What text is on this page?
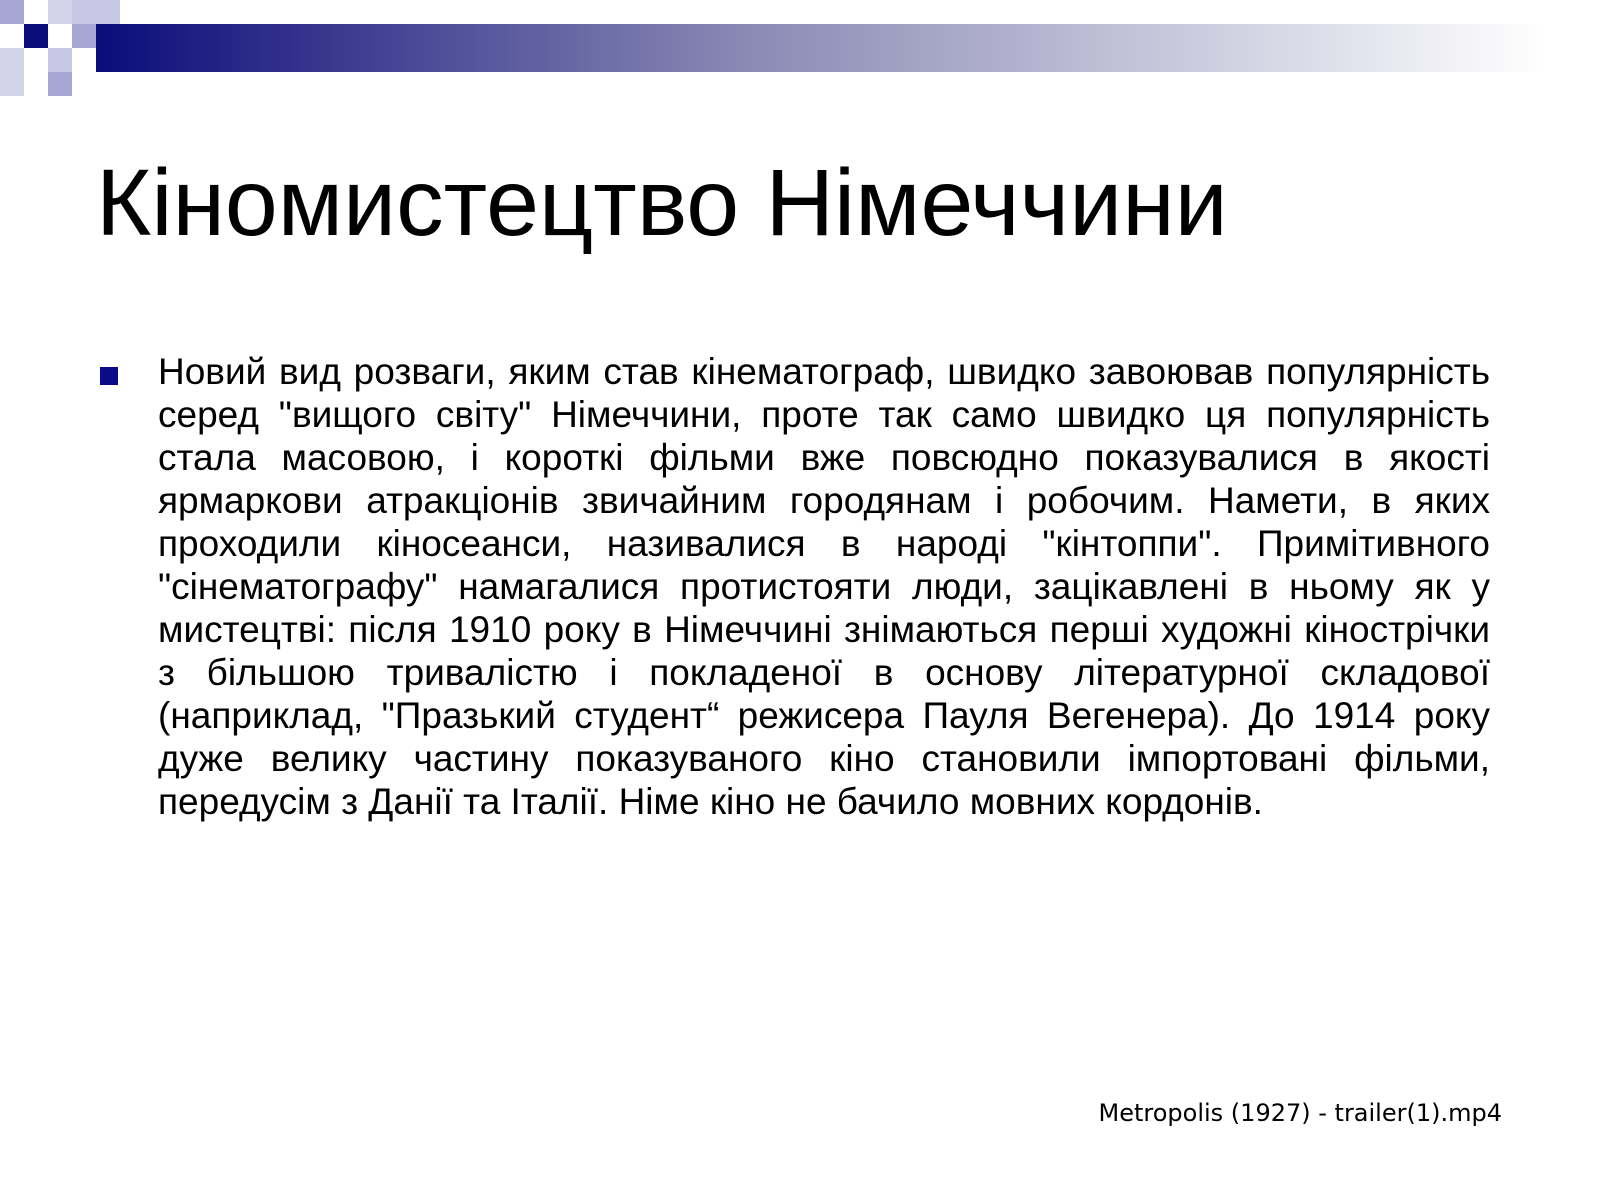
Кіномистецтво Німеччини

Новий вид розваги, яким став кінематограф, швидко завоював популярність серед "вищого світу" Німеччини, проте так само швидко ця популярність стала масовою, і короткі фільми вже повсюдно показувалися в якості ярмаркови атракціонів звичайним городянам і робочим. Намети, в яких проходили кіносеанси, називалися в народі "кінтоппи". Примітивного "сінематографу" намагалися протистояти люди, зацікавлені в ньому як у мистецтві: після 1910 року в Німеччині знімаються перші художні кінострічки з більшою тривалістю і покладеної в основу літературної складової (наприклад, "Празький студент“ режисера Пауля Вегенера). До 1914 року дуже велику частину показуваного кіно становили імпортовані фільми, передусім з Данії та Італії. Німе кіно не бачило мовних кордонів.

Metropolis (1927) - trailer(1).mp4
